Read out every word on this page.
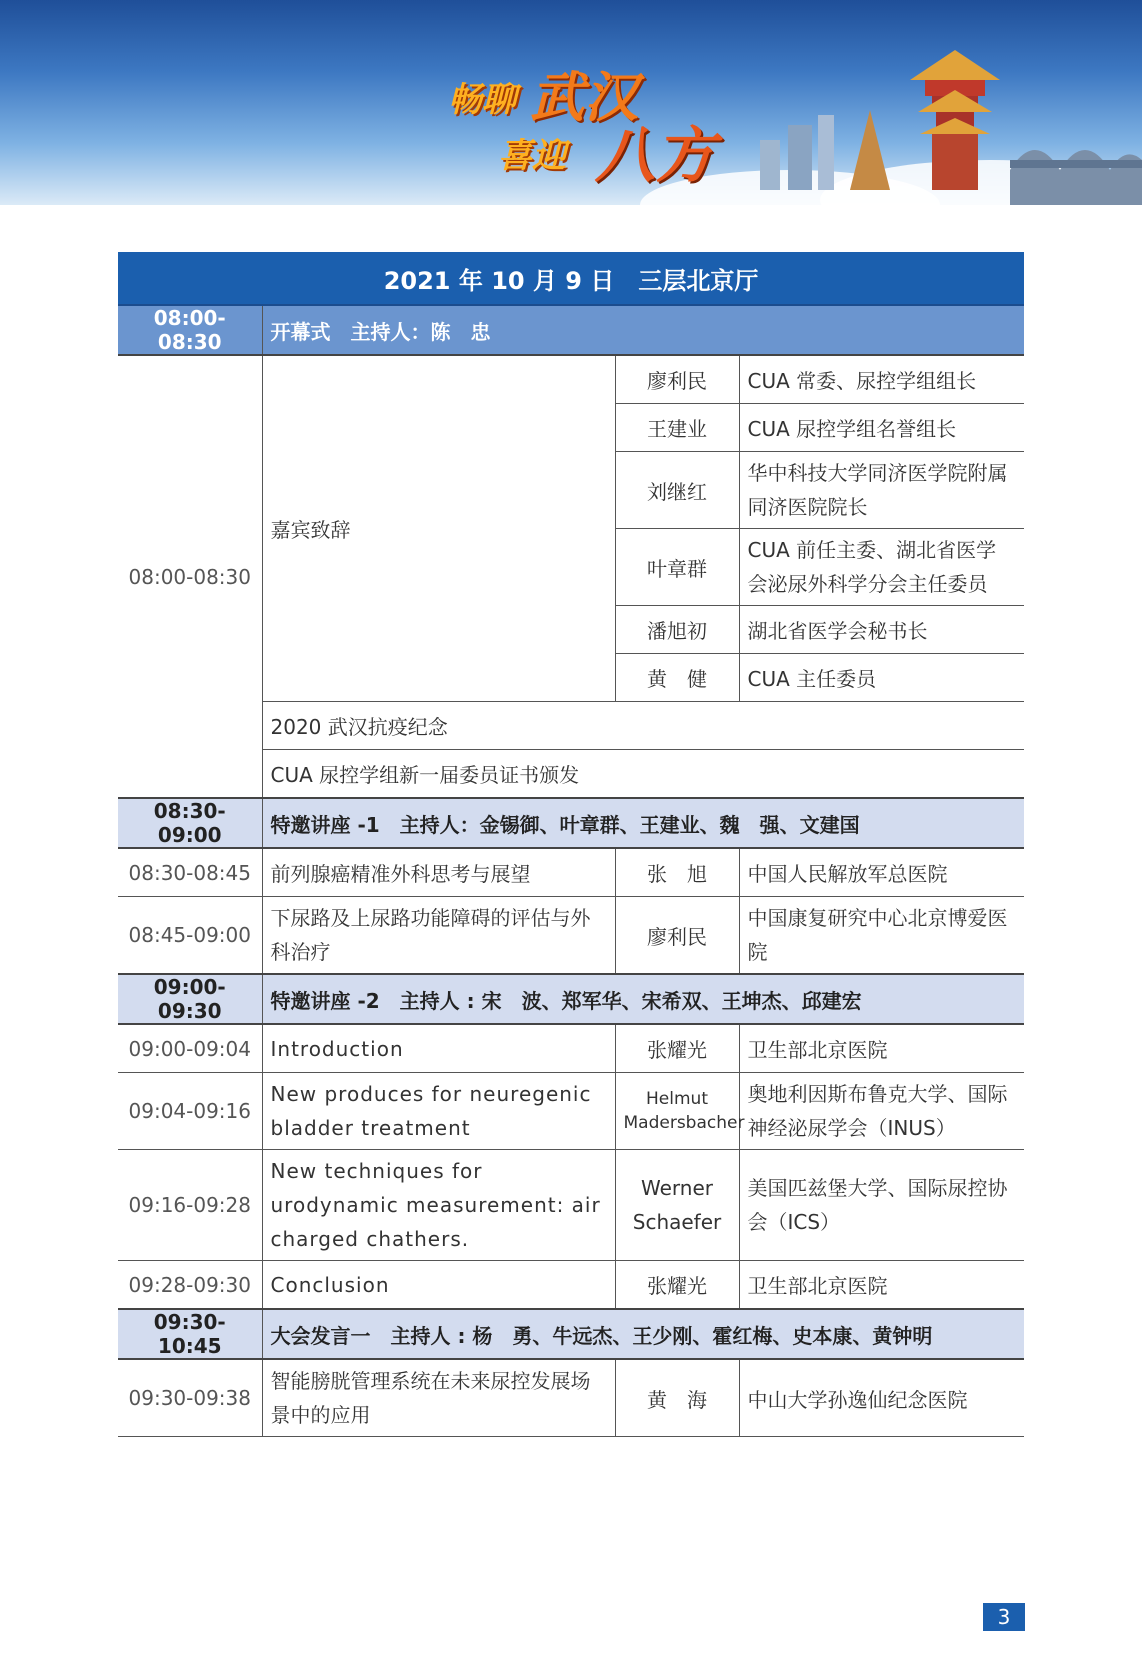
畅聊 武汉
喜迎 八方
2021 年 10 月 9 日　三层北京厅			
08:00-08:30	开幕式　主持人：陈　忠		
08:00-08:30	嘉宾致辞	廖利民	CUA 常委、尿控学组组长
		王建业	CUA 尿控学组名誉组长
		刘继红	华中科技大学同济医学院附属同济医院院长
		叶章群	CUA 前任主委、湖北省医学会泌尿外科学分会主任委员
		潘旭初	湖北省医学会秘书长
		黄　健	CUA 主任委员
	2020 武汉抗疫纪念		
	CUA 尿控学组新一届委员证书颁发		
08:30-09:00	特邀讲座 -1　主持人：金锡御、叶章群、王建业、魏　强、文建国		
08:30-08:45	前列腺癌精准外科思考与展望	张　旭	中国人民解放军总医院
08:45-09:00	下尿路及上尿路功能障碍的评估与外科治疗	廖利民	中国康复研究中心北京博爱医院
09:00-09:30	特邀讲座 -2　主持人 : 宋　波、郑军华、宋希双、王坤杰、邱建宏		
09:00-09:04	Introduction	张耀光	卫生部北京医院
09:04-09:16	New produces for neuregenic bladder treatment	Helmut Madersbacher	奥地利因斯布鲁克大学、国际神经泌尿学会（INUS）
09:16-09:28	New techniques for urodynamic measurement: air charged chathers.	Werner Schaefer	美国匹兹堡大学、国际尿控协会（ICS）
09:28-09:30	Conclusion	张耀光	卫生部北京医院
09:30-10:45	大会发言一　主持人 : 杨　勇、牛远杰、王少刚、霍红梅、史本康、黄钟明		
09:30-09:38	智能膀胱管理系统在未来尿控发展场景中的应用	黄　海	中山大学孙逸仙纪念医院
3
